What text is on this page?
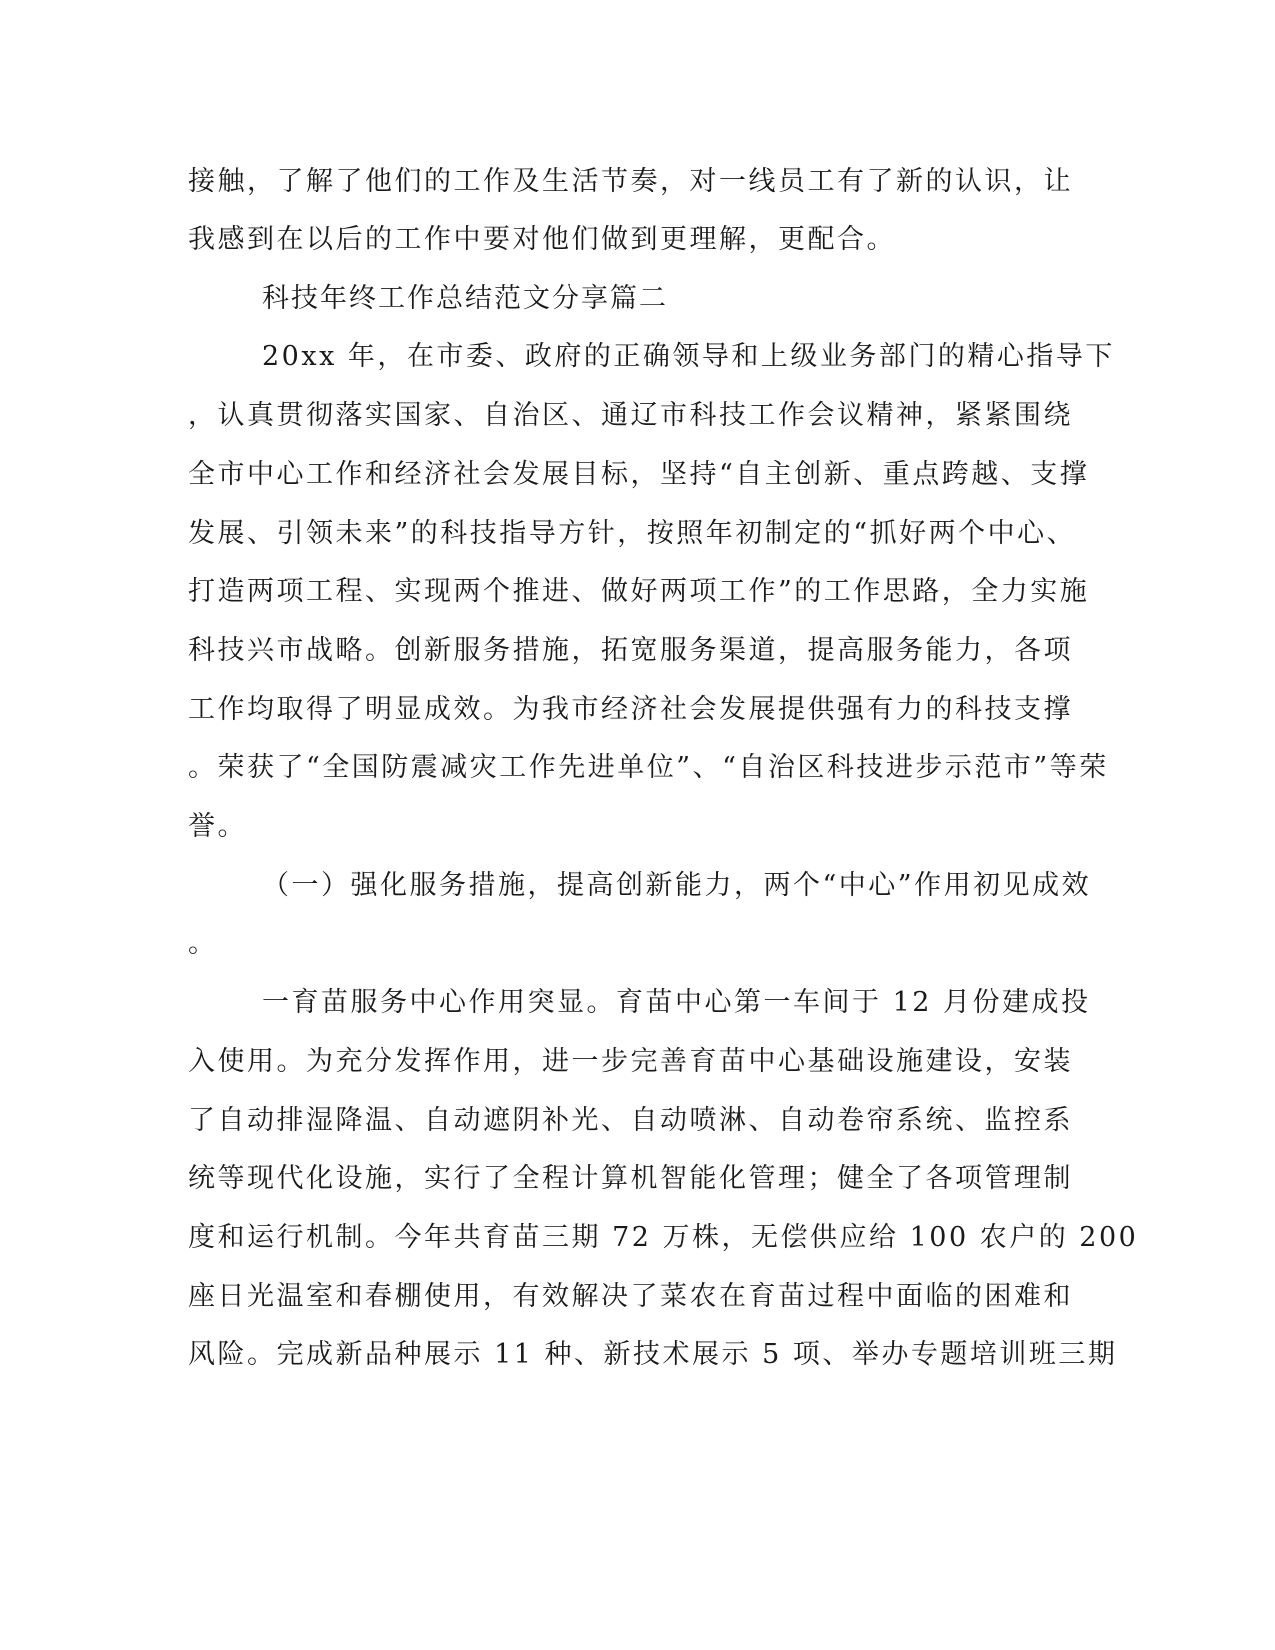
接触，了解了他们的工作及生活节奏，对一线员工有了新的认识，让
我感到在以后的工作中要对他们做到更理解，更配合。
科技年终工作总结范文分享篇二
20xx 年，在市委、政府的正确领导和上级业务部门的精心指导下
，认真贯彻落实国家、自治区、通辽市科技工作会议精神，紧紧围绕
全市中心工作和经济社会发展目标，坚持“自主创新、重点跨越、支撑
发展、引领未来”的科技指导方针，按照年初制定的“抓好两个中心、
打造两项工程、实现两个推进、做好两项工作”的工作思路，全力实施
科技兴市战略。创新服务措施，拓宽服务渠道，提高服务能力，各项
工作均取得了明显成效。为我市经济社会发展提供强有力的科技支撑
。荣获了“全国防震减灾工作先进单位”、“自治区科技进步示范市”等荣
誉。
（一）强化服务措施，提高创新能力，两个“中心”作用初见成效
。
一育苗服务中心作用突显。育苗中心第一车间于 12 月份建成投
入使用。为充分发挥作用，进一步完善育苗中心基础设施建设，安装
了自动排湿降温、自动遮阴补光、自动喷淋、自动卷帘系统、监控系
统等现代化设施，实行了全程计算机智能化管理；健全了各项管理制
度和运行机制。今年共育苗三期 72 万株，无偿供应给 100 农户的 200
座日光温室和春棚使用，有效解决了菜农在育苗过程中面临的困难和
风险。完成新品种展示 11 种、新技术展示 5 项、举办专题培训班三期
